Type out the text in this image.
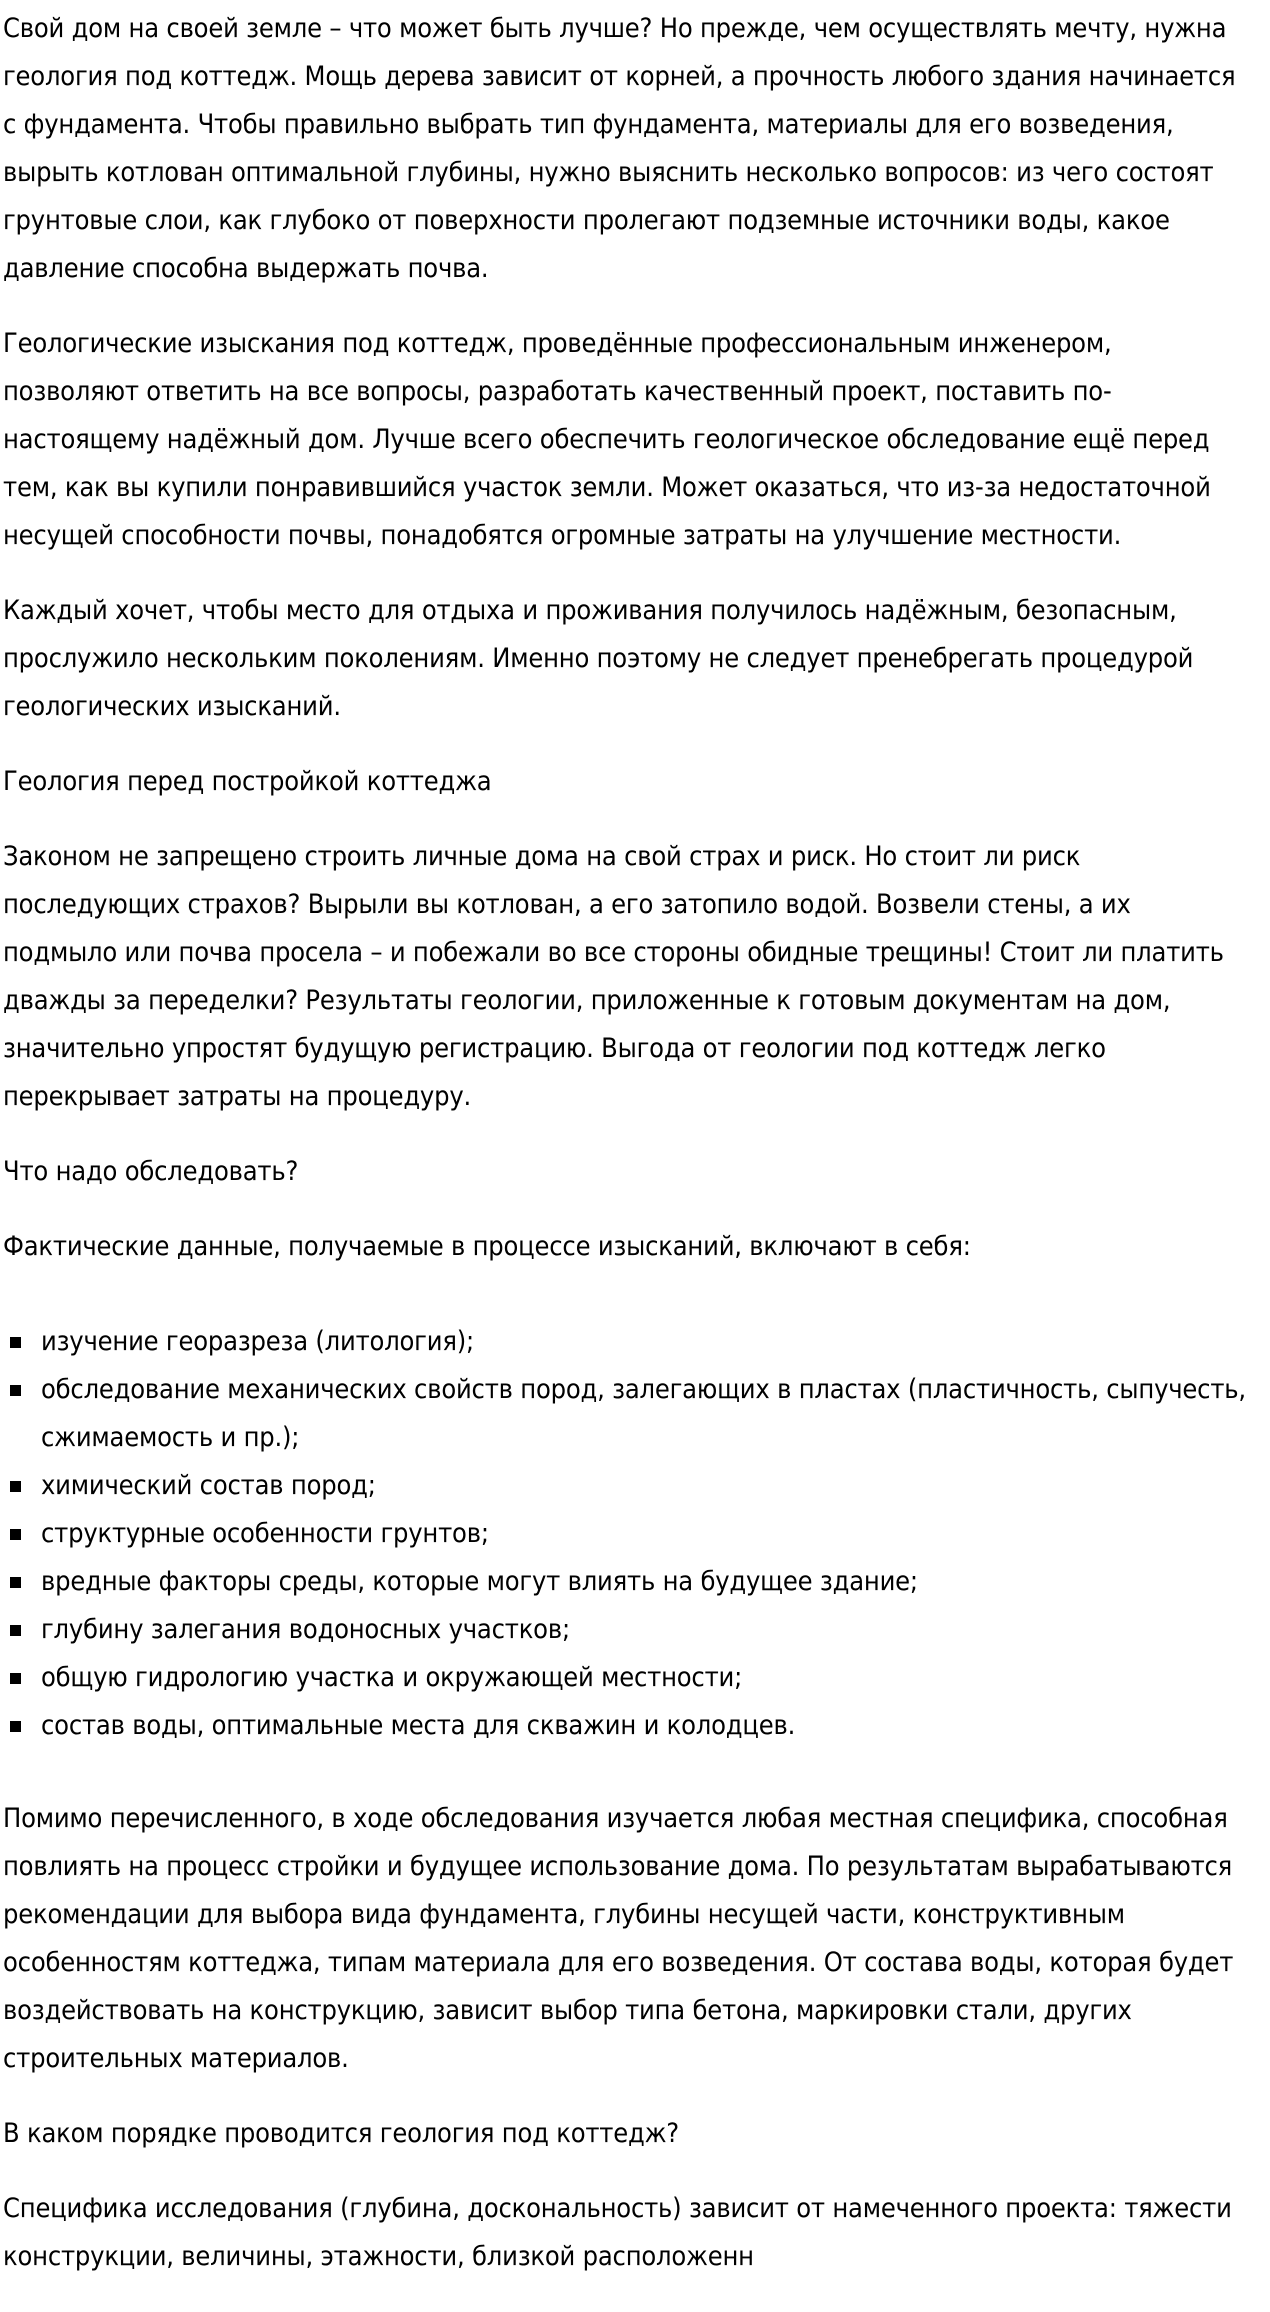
Свой дом на своей земле – что может быть лучше? Но прежде, чем осуществлять мечту, нужна геология под коттедж. Мощь дерева зависит от корней, а прочность любого здания начинается с фундамента. Чтобы правильно выбрать тип фундамента, материалы для его возведения, вырыть котлован оптимальной глубины, нужно выяснить несколько вопросов: из чего состоят грунтовые слои, как глубоко от поверхности пролегают подземные источники воды, какое давление способна выдержать почва.

Геологические изыскания под коттедж, проведённые профессиональным инженером, позволяют ответить на все вопросы, разработать качественный проект, поставить по-настоящему надёжный дом. Лучше всего обеспечить геологическое обследование ещё перед тем, как вы купили понравившийся участок земли. Может оказаться, что из-за недостаточной несущей способности почвы, понадобятся огромные затраты на улучшение местности.

Каждый хочет, чтобы место для отдыха и проживания получилось надёжным, безопасным, прослужило нескольким поколениям. Именно поэтому не следует пренебрегать процедурой геологических изысканий.

Геология перед постройкой коттеджа

Законом не запрещено строить личные дома на свой страх и риск. Но стоит ли риск последующих страхов? Вырыли вы котлован, а его затопило водой. Возвели стены, а их подмыло или почва просела – и побежали во все стороны обидные трещины! Стоит ли платить дважды за переделки? Результаты геологии, приложенные к готовым документам на дом, значительно упростят будущую регистрацию. Выгода от геологии под коттедж легко перекрывает затраты на процедуру.

Что надо обследовать?

Фактические данные, получаемые в процессе изысканий, включают в себя:

изучение георазреза (литология);
обследование механических свойств пород, залегающих в пластах (пластичность, сыпучесть, сжимаемость и пр.);
химический состав пород;
структурные особенности грунтов;
вредные факторы среды, которые могут влиять на будущее здание;
глубину залегания водоносных участков;
общую гидрологию участка и окружающей местности;
состав воды, оптимальные места для скважин и колодцев.

Помимо перечисленного, в ходе обследования изучается любая местная специфика, способная повлиять на процесс стройки и будущее использование дома. По результатам вырабатываются рекомендации для выбора вида фундамента, глубины несущей части, конструктивным особенностям коттеджа, типам материала для его возведения. От состава воды, которая будет воздействовать на конструкцию, зависит выбор типа бетона, маркировки стали, других строительных материалов.

В каком порядке проводится геология под коттедж?

Специфика исследования (глубина, доскональность) зависит от намеченного проекта: тяжести конструкции, величины, этажности, близкой расположенн
